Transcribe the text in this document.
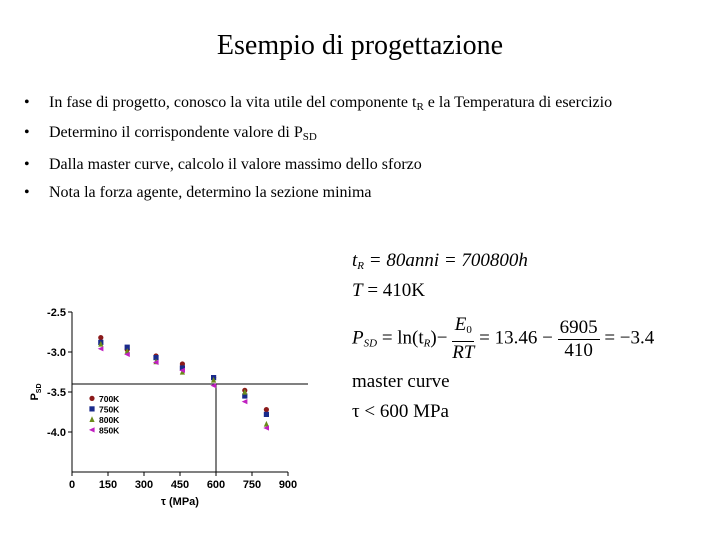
Esempio di progettazione
• In fase di progetto, conosco la vita utile del componente $t_R$ e la Temperatura di esercizio
• Determino il corrispondente valore di $P_{SD}$
• Dalla master curve, calcolo il valore massimo dello sforzo
• Nota la forza agente, determino la sezione minima
$t_R$ = 80anni = 700800h
T = 410K
$P_{SD} = \ln(t_R)- \frac{E_0}{RT} = 13.46 - \frac{6905}{410} = -3.4$
master curve
τ < 600 MPa
0 150 300 450 600 750 900
-2.5
-3.0
-3.5
-4.0
τ (MPa)
$P_{SD}$
700K
750K
800K
850K
